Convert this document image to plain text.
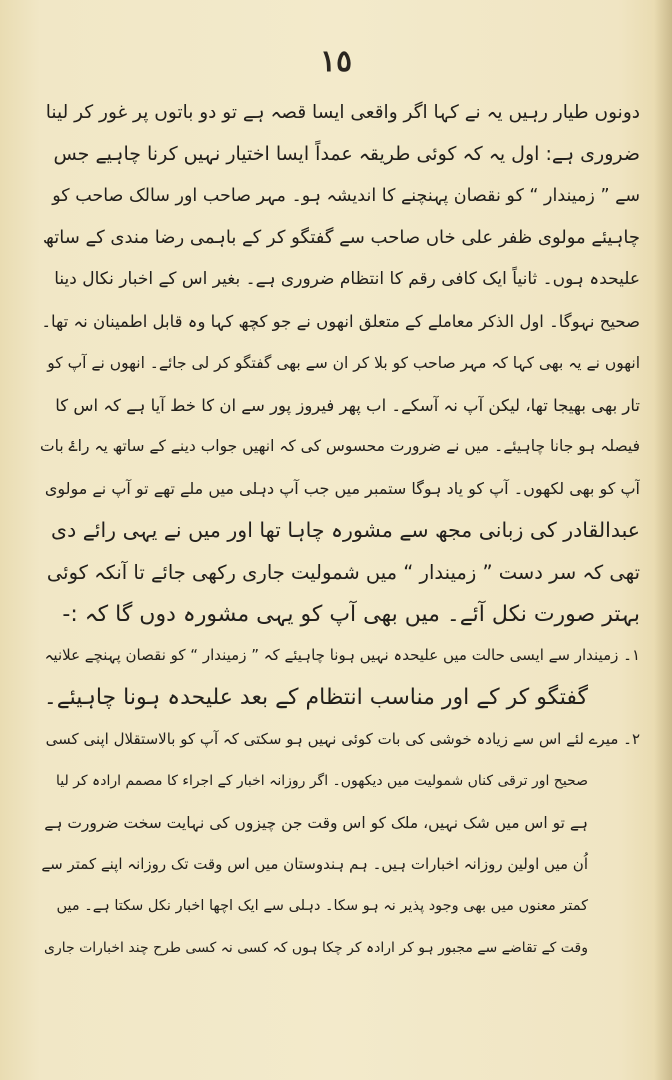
١٥
دونوں طیار رہیں یہ نے کہا اگر واقعی ایسا قصہ ہے تو دو باتوں پر غور کر لینا
ضروری ہے: اول یہ کہ کوئی طریقہ عمداً ایسا اختیار نہیں کرنا چاہیے جس
سے ” زمیندار “ کو نقصان پہنچنے کا اندیشہ ہو۔ مہر صاحب اور سالک صاحب کو
چاہیئے مولوی ظفر علی خاں صاحب سے گفتگو کر کے باہمی رضا مندی کے ساتھ
علیحدہ ہوں۔ ثانیاً ایک کافی رقم کا انتظام ضروری ہے۔ بغیر اس کے اخبار نکال دینا
صحیح نہوگا۔ اول الذکر معاملے کے متعلق انھوں نے جو کچھ کہا وہ قابل اطمینان نہ تھا۔
انھوں نے یہ بھی کہا کہ مہر صاحب کو بلا کر ان سے بھی گفتگو کر لی جائے۔ انھوں نے آپ کو
تار بھی بھیجا تھا، لیکن آپ نہ آسکے۔ اب پھر فیروز پور سے ان کا خط آیا ہے کہ اس کا
فیصلہ ہو جانا چاہیئے۔ میں نے ضرورت محسوس کی کہ انھیں جواب دینے کے ساتھ یہ راۓ بات
آپ کو بھی لکھوں۔ آپ کو یاد ہوگا ستمبر میں جب آپ دہلی میں ملے تھے تو آپ نے مولوی
عبدالقادر کی زبانی مجھ سے مشورہ چاہا تھا اور میں نے یہی رائے دی
تھی کہ سر دست ” زمیندار “ میں شمولیت جاری رکھی جائے تا آنکہ کوئی
بہتر صورت نکل آئے۔ میں بھی آپ کو یہی مشورہ دوں گا کہ :-
١۔ زمیندار سے ایسی حالت میں علیحدہ نہیں ہونا چاہیئے کہ ” زمیندار “ کو نقصان پہنچے علانیہ
گفتگو کر کے اور مناسب انتظام کے بعد علیحدہ ہونا چاہیئے۔
٢۔ میرے لئے اس سے زیادہ خوشی کی بات کوئی نہیں ہو سکتی کہ آپ کو بالاستقلال اپنی کسی
صحیح اور ترقی کناں شمولیت میں دیکھوں۔ اگر روزانہ اخبار کے اجراء کا مصمم ارادہ کر لیا
ہے تو اس میں شک نہیں، ملک کو اس وقت جن چیزوں کی نہایت سخت ضرورت ہے
اُن میں اولین روزانہ اخبارات ہیں۔ ہم ہندوستان میں اس وقت تک روزانہ اپنے کمتر سے
کمتر معنوں میں بھی وجود پذیر نہ ہو سکا۔ دہلی سے ایک اچھا اخبار نکل سکتا ہے۔ میں
وقت کے تقاضے سے مجبور ہو کر ارادہ کر چکا ہوں کہ کسی نہ کسی طرح چند اخبارات جاری
